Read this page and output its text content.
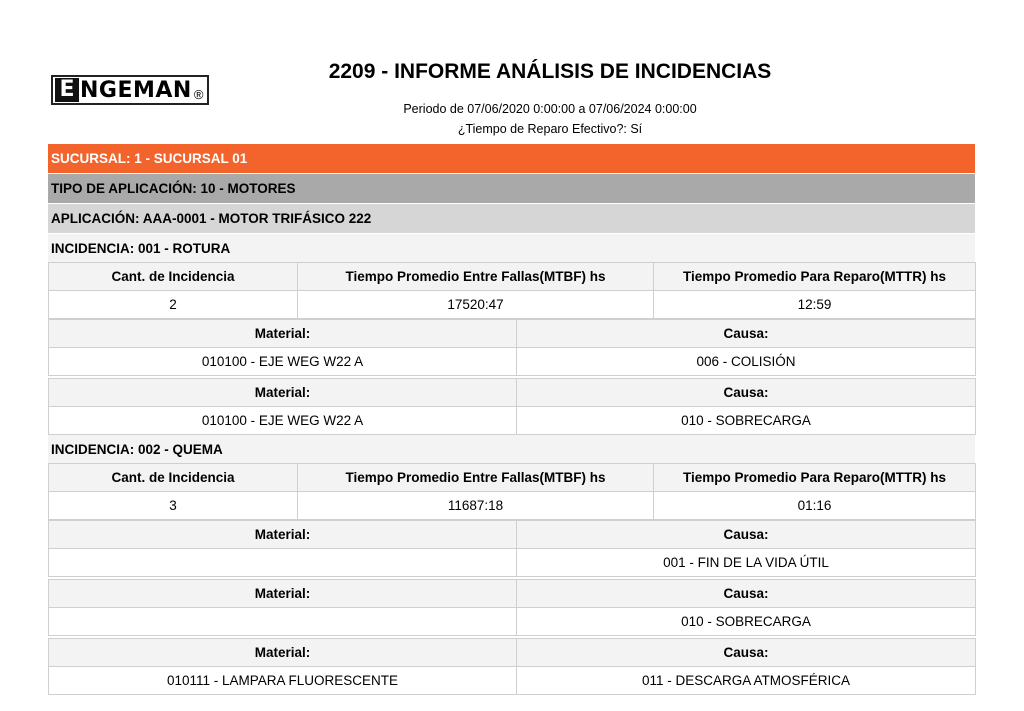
E NGEMAN ®
2209 - INFORME ANÁLISIS DE INCIDENCIAS
Periodo de 07/06/2020 0:00:00 a 07/06/2024 0:00:00
¿Tiempo de Reparo Efectivo?: Sí
SUCURSAL: 1 - SUCURSAL 01
TIPO DE APLICACIÓN: 10 - MOTORES
APLICACIÓN: AAA-0001 - MOTOR TRIFÁSICO 222
INCIDENCIA: 001 - ROTURA
Cant. de Incidencia	Tiempo Promedio Entre Fallas(MTBF) hs	Tiempo Promedio Para Reparo(MTTR) hs
2	17520:47	12:59
Material:	Causa:
010100 - EJE WEG W22 A	006 - COLISIÓN
Material:	Causa:
010100 - EJE WEG W22 A	010 - SOBRECARGA
INCIDENCIA: 002 - QUEMA
Cant. de Incidencia	Tiempo Promedio Entre Fallas(MTBF) hs	Tiempo Promedio Para Reparo(MTTR) hs
3	11687:18	01:16
Material:	Causa:
	001 - FIN DE LA VIDA ÚTIL
Material:	Causa:
	010 - SOBRECARGA
Material:	Causa:
010111 - LAMPARA FLUORESCENTE	011 - DESCARGA ATMOSFÉRICA
